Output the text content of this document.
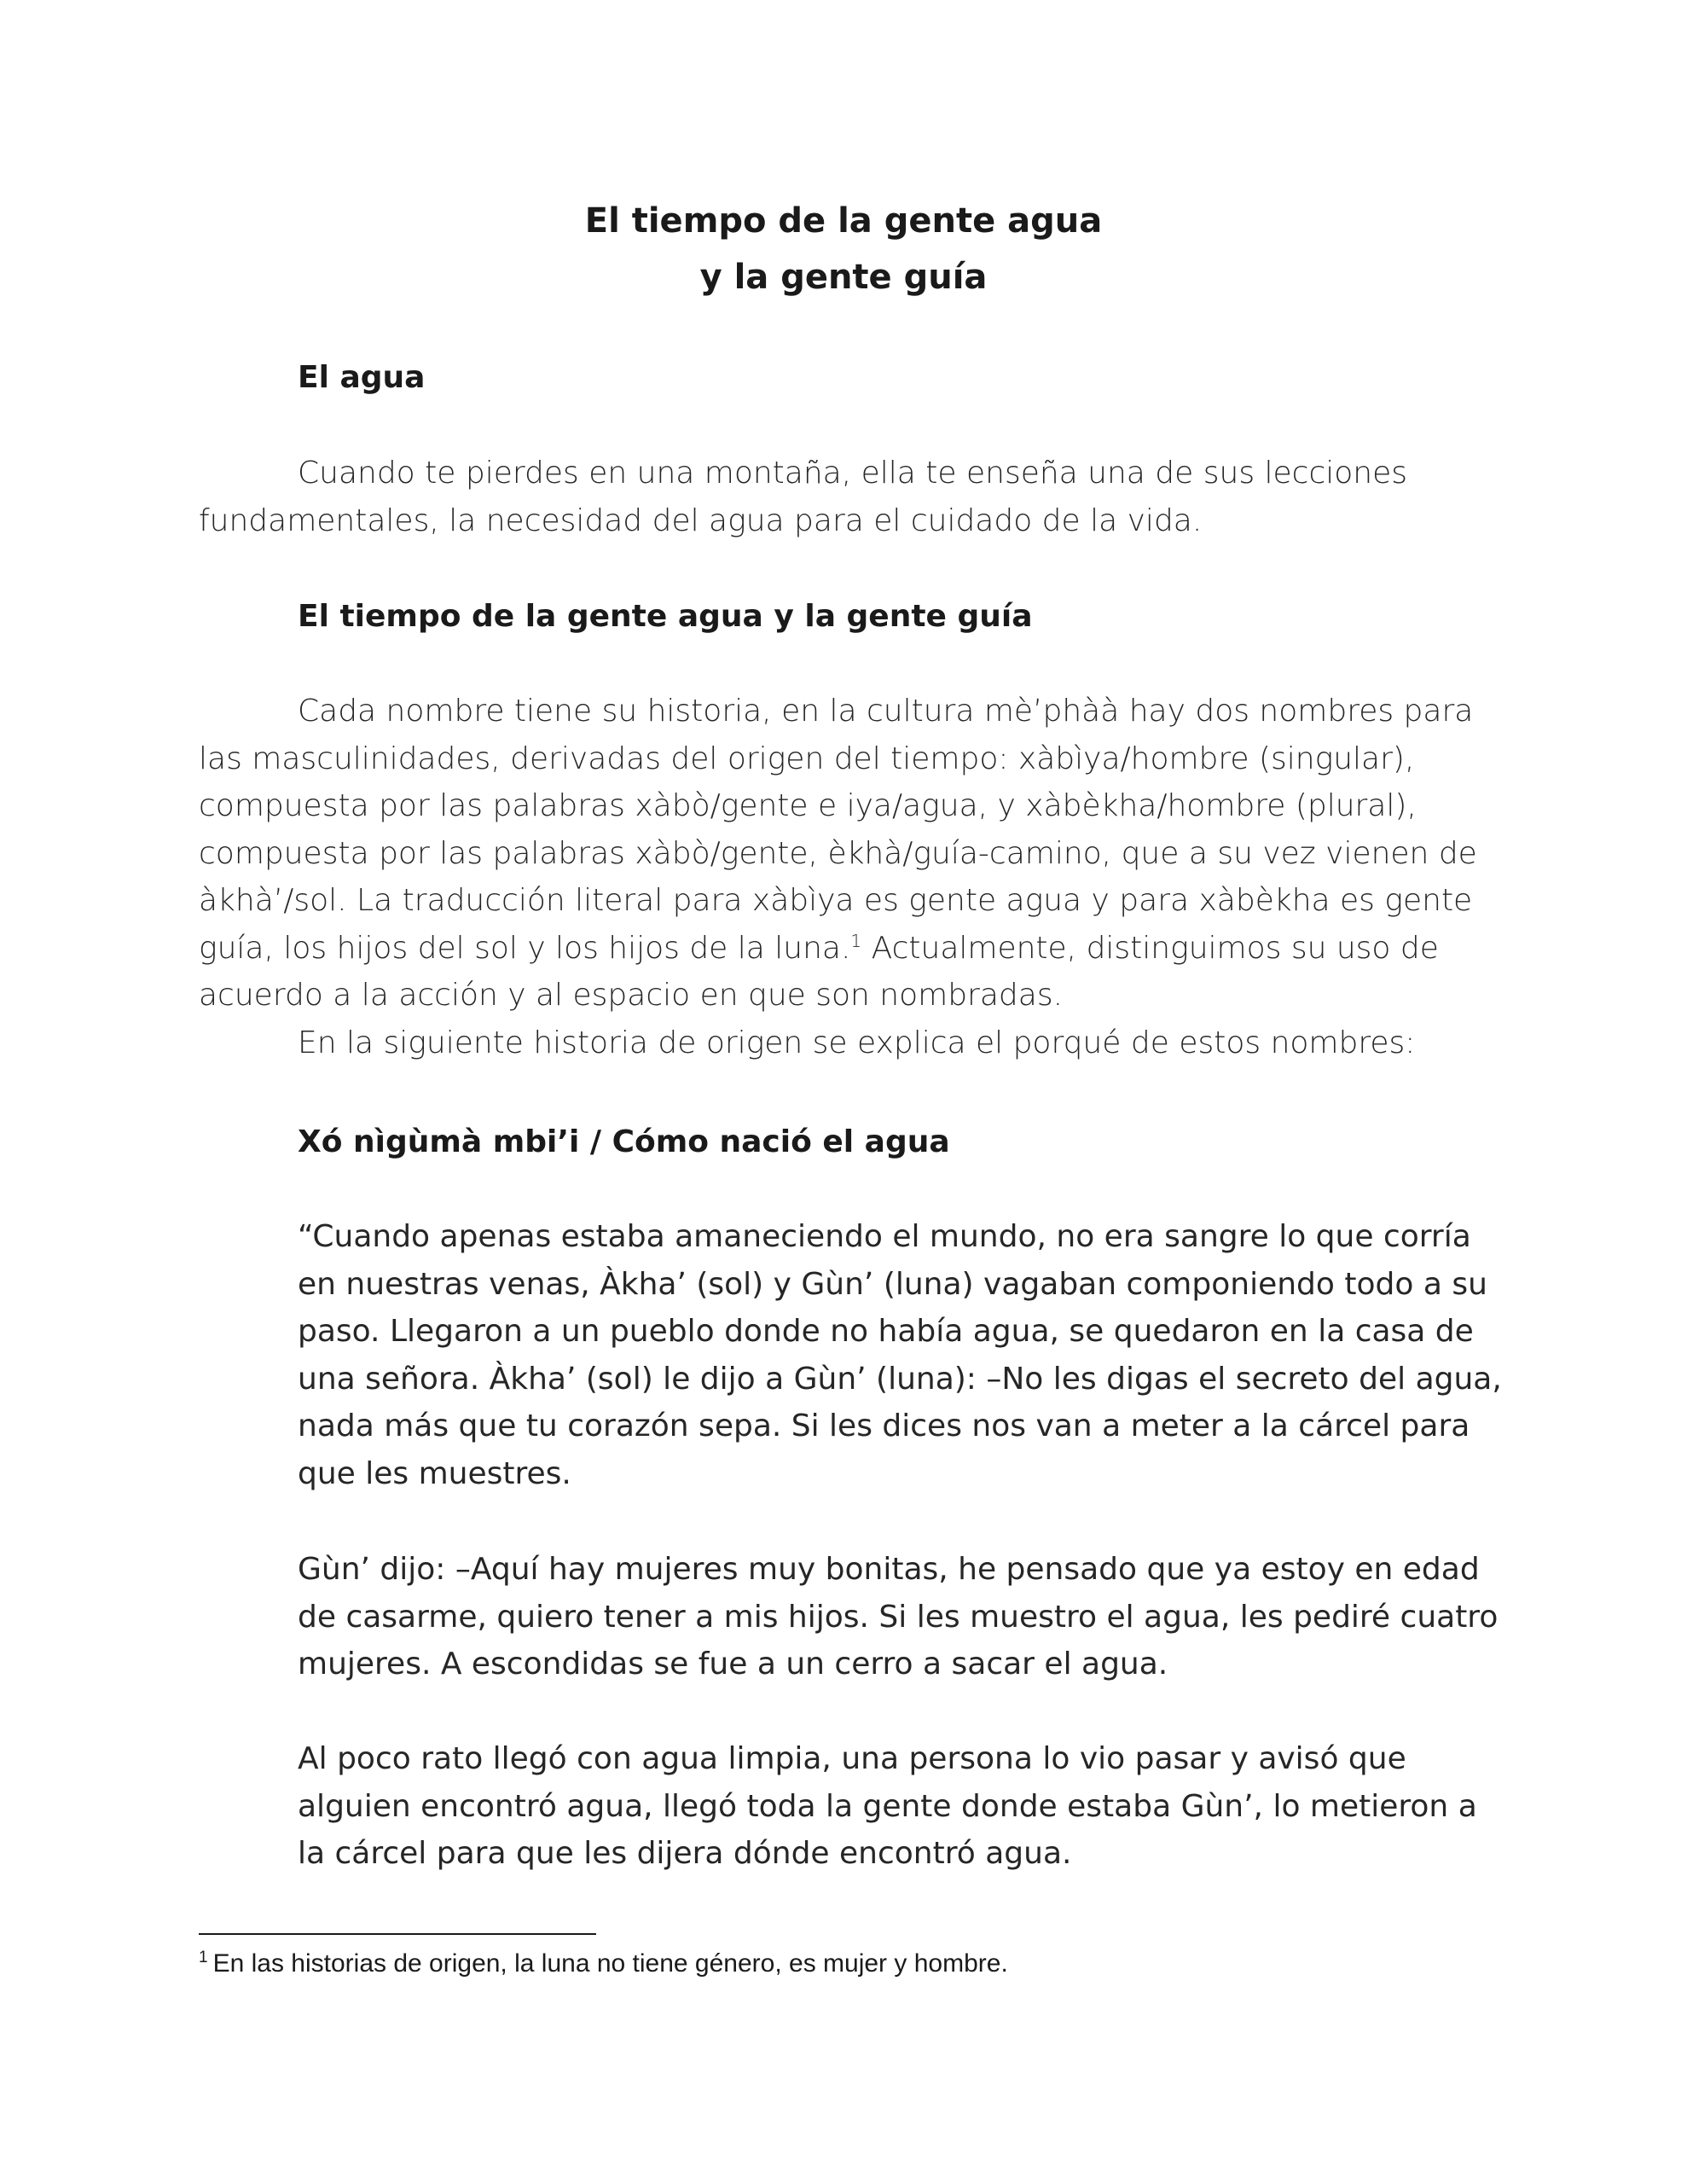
El tiempo de la gente agua
y la gente guía
El agua
Cuando te pierdes en una montaña, ella te enseña una de sus lecciones
fundamentales, la necesidad del agua para el cuidado de la vida.
El tiempo de la gente agua y la gente guía
Cada nombre tiene su historia, en la cultura mè’phàà hay dos nombres para
las masculinidades, derivadas del origen del tiempo: xàbìya/hombre (singular),
compuesta por las palabras xàbò/gente e iya/agua, y xàbèkha/hombre (plural),
compuesta por las palabras xàbò/gente, èkhà/guía-camino, que a su vez vienen de
àkhà’/sol. La traducción literal para xàbìya es gente agua y para xàbèkha es gente
guía, los hijos del sol y los hijos de la luna.$^1$ Actualmente, distinguimos su uso de
acuerdo a la acción y al espacio en que son nombradas.
En la siguiente historia de origen se explica el porqué de estos nombres:
Xó nìgùmà mbi’i / Cómo nació el agua
“Cuando apenas estaba amaneciendo el mundo, no era sangre lo que corría
en nuestras venas, Àkha’ (sol) y Gùn’ (luna) vagaban componiendo todo a su
paso. Llegaron a un pueblo donde no había agua, se quedaron en la casa de
una señora. Àkha’ (sol) le dijo a Gùn’ (luna): –No les digas el secreto del agua,
nada más que tu corazón sepa. Si les dices nos van a meter a la cárcel para
que les muestres.
Gùn’ dijo: –Aquí hay mujeres muy bonitas, he pensado que ya estoy en edad
de casarme, quiero tener a mis hijos. Si les muestro el agua, les pediré cuatro
mujeres. A escondidas se fue a un cerro a sacar el agua.
Al poco rato llegó con agua limpia, una persona lo vio pasar y avisó que
alguien encontró agua, llegó toda la gente donde estaba Gùn’, lo metieron a
la cárcel para que les dijera dónde encontró agua.
$^1$ En las historias de origen, la luna no tiene género, es mujer y hombre.
